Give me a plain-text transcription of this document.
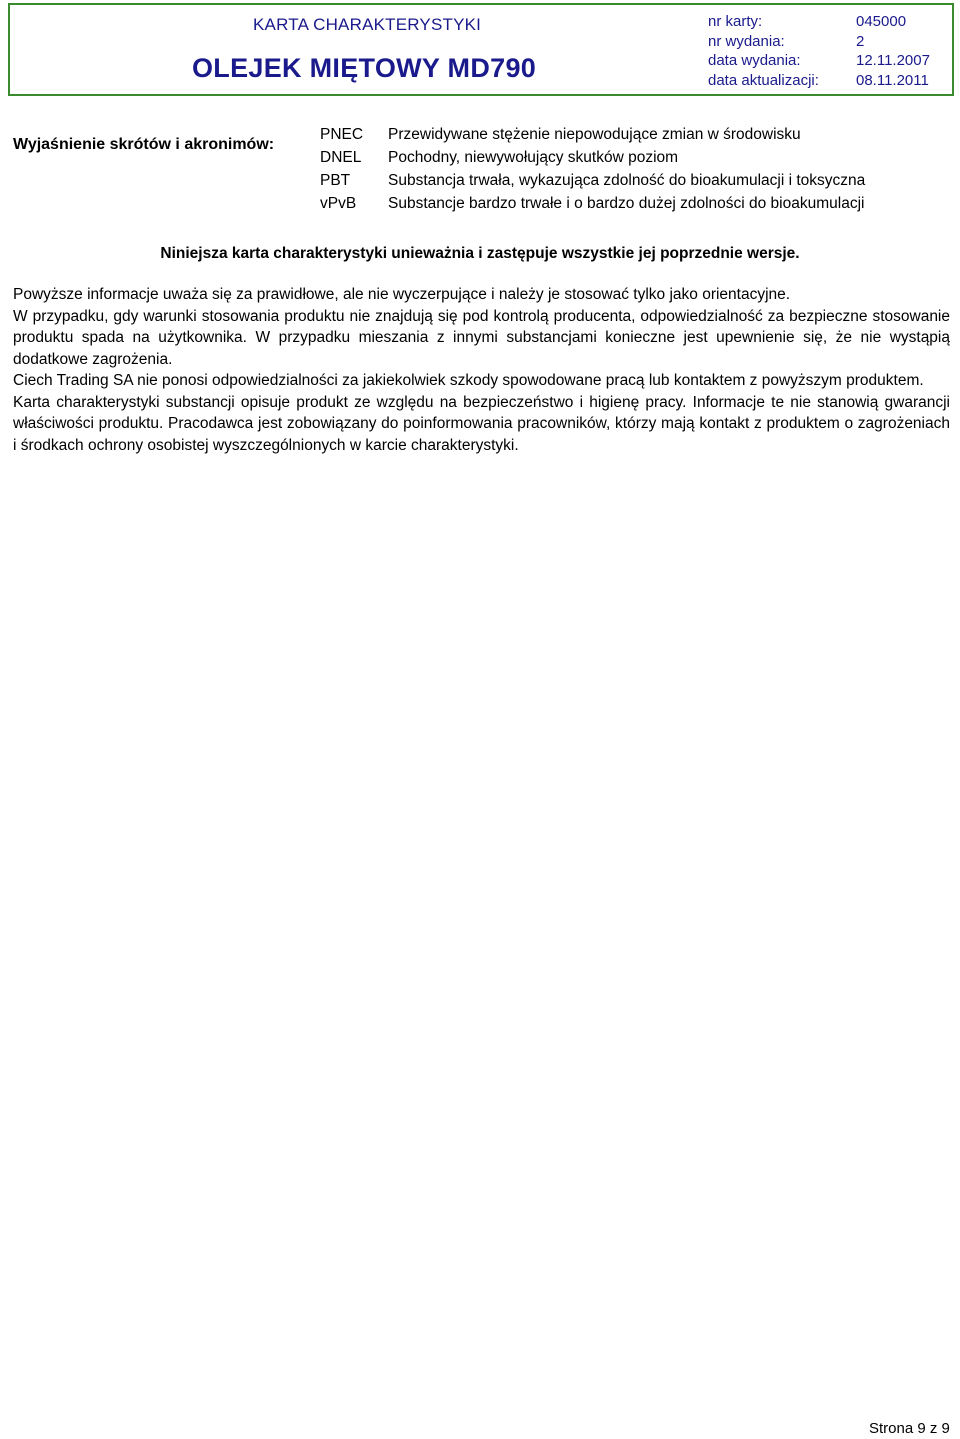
KARTA CHARAKTERYSTYKI
OLEJEK MIĘTOWY MD790
nr karty:	045000
nr wydania:	2
data wydania:	12.11.2007
data aktualizacji: 08.11.2011
Wyjaśnienie skrótów i akronimów:
PNEC Przewidywane stężenie niepowodujące zmian w środowisku
DNEL Pochodny, niewywołujący skutków poziom
PBT Substancja trwała, wykazująca zdolność do bioakumulacji i toksyczna
vPvB Substancje bardzo trwałe i o bardzo dużej zdolności do bioakumulacji
Niniejsza karta charakterystyki unieważnia i zastępuje wszystkie jej poprzednie wersje.

Powyższe informacje uważa się za prawidłowe, ale nie wyczerpujące i należy je stosować tylko jako orientacyjne.

W przypadku, gdy warunki stosowania produktu nie znajdują się pod kontrolą producenta, odpowiedzialność za bezpieczne stosowanie produktu spada na użytkownika. W przypadku mieszania z innymi substancjami konieczne jest upewnienie się, że nie wystąpią dodatkowe zagrożenia.

Ciech Trading SA nie ponosi odpowiedzialności za jakiekolwiek szkody spowodowane pracą lub kontaktem z powyższym produktem.

Karta charakterystyki substancji opisuje produkt ze względu na bezpieczeństwo i higienę pracy. Informacje te nie stanowią gwarancji właściwości produktu. Pracodawca jest zobowiązany do poinformowania pracowników, którzy mają kontakt z produktem o zagrożeniach i środkach ochrony osobistej wyszczególnionych w karcie charakterystyki.

Strona 9 z 9
